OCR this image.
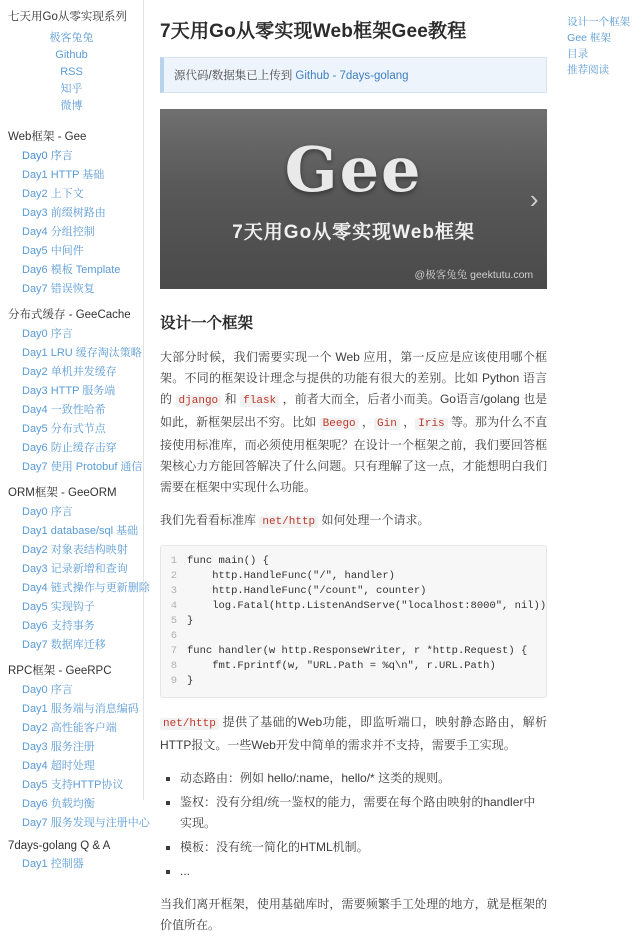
七天用Go从零实现系列
极客兔兔
Github
RSS
知乎
微博
Web框架 - Gee
Day0 序言
Day1 HTTP 基础
Day2 上下文
Day3 前缀树路由
Day4 分组控制
Day5 中间件
Day6 模板 Template
Day7 错误恢复
分布式缓存 - GeeCache
Day0 序言
Day1 LRU 缓存淘汰策略
Day2 单机并发缓存
Day3 HTTP 服务端
Day4 一致性哈希
Day5 分布式节点
Day6 防止缓存击穿
Day7 使用 Protobuf 通信
ORM框架 - GeeORM
Day0 序言
Day1 database/sql 基础
Day2 对象表结构映射
Day3 记录新增和查询
Day4 链式操作与更新删除
Day5 实现钩子
Day6 支持事务
Day7 数据库迁移
RPC框架 - GeeRPC
Day0 序言
Day1 服务端与消息编码
Day2 高性能客户端
Day3 服务注册
Day4 超时处理
Day5 支持HTTP协议
Day6 负载均衡
Day7 服务发现与注册中心
7days-golang Q & A
Day1 控制器
7天用Go从零实现Web框架Gee教程
源代码/数据集已上传到 Github - 7days-golang
Gee
7天用Go从零实现Web框架
@极客兔兔 geektutu.com
›
设计一个框架

大部分时候，我们需要实现一个 Web 应用，第一反应是应该使用哪个框架。不同的框架设计理念与提供的功能有很大的差别。比如 Python 语言的 django 和 flask ，前者大而全，后者小而美。Go语言/golang 也是如此，新框架层出不穷。比如 Beego ， Gin ， Iris 等。那为什么不直接使用标准库，而必须使用框架呢？在设计一个框架之前，我们要回答框架核心力方能回答解决了什么问题。只有理解了这一点，才能想明白我们需要在框架中实现什么功能。

我们先看看标准库 net/http 如何处理一个请求。

1 func main() {
2 http.HandleFunc("/", handler)
3 http.HandleFunc("/count", counter)
4 log.Fatal(http.ListenAndServe("localhost:8000", nil))
5 }
6
7 func handler(w http.ResponseWriter, r *http.Request) {
8 fmt.Fprintf(w, "URL.Path = %q\n", r.URL.Path)
9 }

net/http 提供了基础的Web功能，即监听端口，映射静态路由，解析HTTP报文。一些Web开发中简单的需求并不支持，需要手工实现。

▪ 动态路由：例如 hello/:name，hello/* 这类的规则。
▪ 鉴权：没有分组/统一鉴权的能力，需要在每个路由映射的handler中实现。
▪ 模板：没有统一简化的HTML机制。
▪ ...

当我们离开框架，使用基础库时，需要频繁手工处理的地方，就是框架的价值所在。

设计一个框架
Gee 框架
目录
推荐阅读
